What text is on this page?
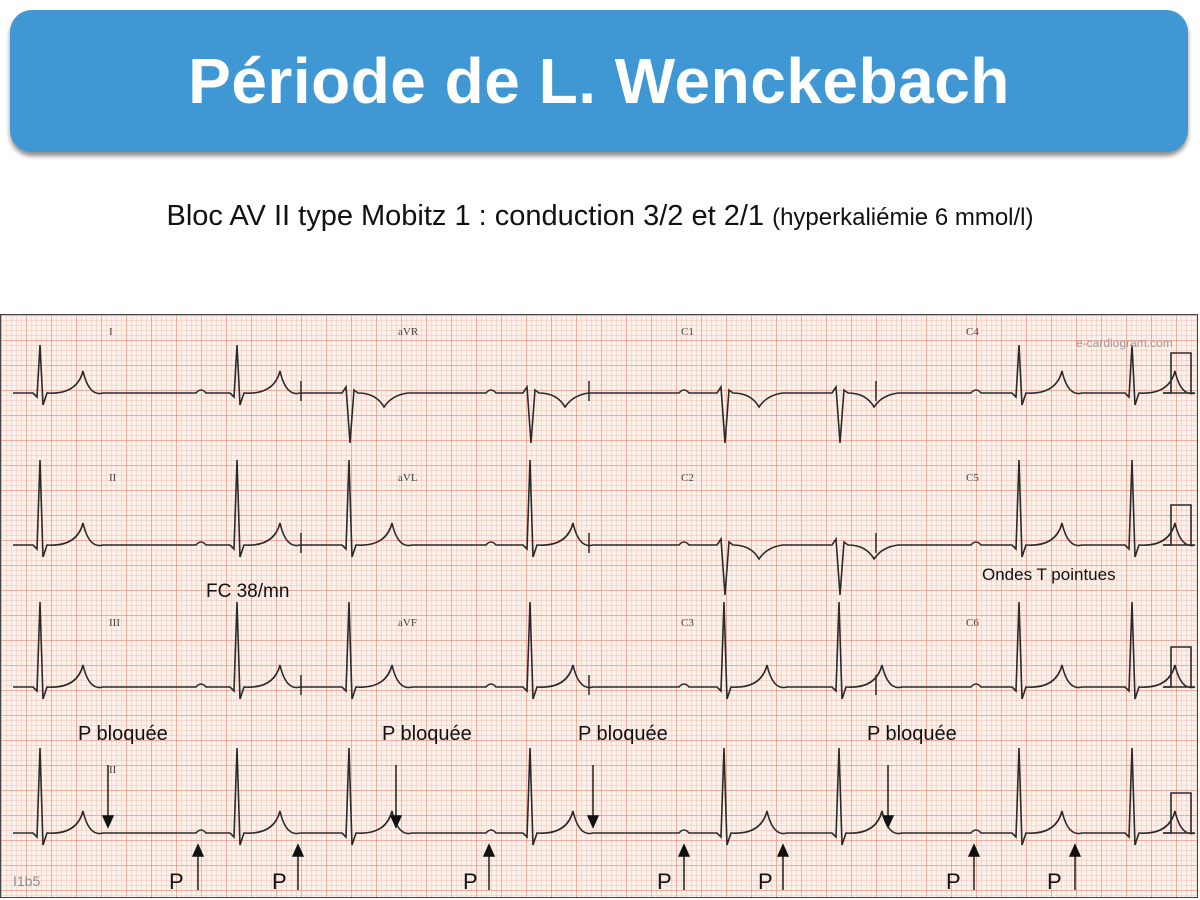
Période de L. Wenckebach
Bloc AV II type Mobitz 1 : conduction 3/2 et 2/1 (hyperkaliémie 6 mmol/l)
I	aVR	C1	C4
II	aVL	C2	C5
III	aVF	C3	C6
II
e-cardiogram.com
I1b5
FC 38/mn
Ondes T pointues
P bloquée	P bloquée	P bloquée	P bloquée
P	P	P	P	P	P	P
